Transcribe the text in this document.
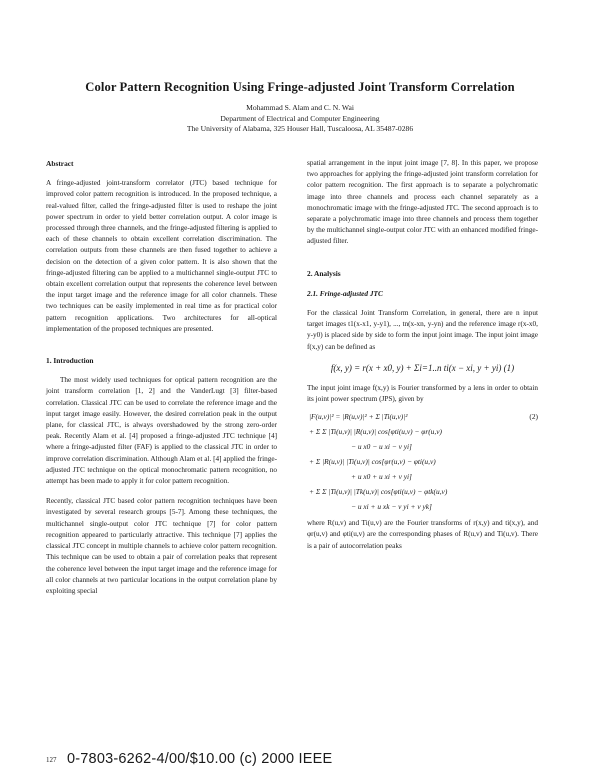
Color Pattern Recognition Using Fringe-adjusted Joint Transform Correlation
Mohammad S. Alam and C. N. Wai
Department of Electrical and Computer Engineering
The University of Alabama, 325 Houser Hall, Tuscaloosa, AL 35487-0286

Abstract

A fringe-adjusted joint-transform correlator (JTC) based technique for improved color pattern recognition is introduced. In the proposed technique, a real-valued filter, called the fringe-adjusted filter is used to reshape the joint power spectrum in order to yield better correlation output. A color image is processed through three channels, and the fringe-adjusted filtering is applied to each of these channels to obtain excellent correlation discrimination. The correlation outputs from these channels are then fused together to achieve a decision on the detection of a given color pattern. It is also shown that the fringe-adjusted filtering can be applied to a multichannel single-output JTC to obtain excellent correlation output that represents the coherence level between the input target image and the reference image for all color channels. These two techniques can be easily implemented in real time as for practical color pattern recognition applications. Two architectures for all-optical implementation of the proposed techniques are presented.

1. Introduction

The most widely used techniques for optical pattern recognition are the joint transform correlation [1, 2] and the VanderLugt [3] filter-based correlation. Classical JTC can be used to correlate the reference image and the input target image easily. However, the desired correlation peak in the output plane, for classical JTC, is always overshadowed by the strong zero-order peak. Recently Alam et al. [4] proposed a fringe-adjusted JTC technique [4] where a fringe-adjusted filter (FAF) is applied to the classical JTC in order to improve correlation discrimination. Although Alam et al. [4] applied the fringe-adjusted JTC technique on the optical monochromatic pattern recognition, no attempt has been made to apply it for color pattern recognition.

Recently, classical JTC based color pattern recognition techniques have been investigated by several research groups [5-7]. Among these techniques, the multichannel single-output color JTC technique [7] for color pattern recognition appeared to particularly attractive. This technique [7] applies the classical JTC concept in multiple channels to achieve color pattern recognition. This technique can be used to obtain a pair of correlation peaks that represent the coherence level between the input target image and the reference image for all color channels at two particular locations in the output correlation plane by exploiting special

spatial arrangement in the input joint image [7, 8]. In this paper, we propose two approaches for applying the fringe-adjusted joint transform correlation for color pattern recognition. The first approach is to separate a polychromatic image into three channels and process each channel separately as a monochromatic image with the fringe-adjusted JTC. The second approach is to separate a polychromatic image into three channels and process them together by the multichannel single-output color JTC with an enhanced modified fringe-adjusted filter.

2. Analysis

2.1. Fringe-adjusted JTC

For the classical Joint Transform Correlation, in general, there are n input target images t1(x-x1, y-y1), ..., tn(x-xn, y-yn) and the reference image r(x-x0, y-y0) is placed side by side to form the input joint image. The input joint image f(x,y) can be defined as

f(x, y) = r(x + x0, y) + Σi=1..n ti(x − xi, y + yi) (1)

The input joint image f(x,y) is Fourier transformed by a lens in order to obtain its joint power spectrum (JPS), given by

(2)
|F(u,v)|² = |R(u,v)|² + Σ |Ti(u,v)|²
+ Σ Σ |Ti(u,v)| |R(u,v)| cos[φti(u,v) − φr(u,v)
− u x0 − u xi − v yi]
+ Σ |R(u,v)| |Ti(u,v)| cos[φr(u,v) − φti(u,v)
+ u x0 + u xi + v yi]
+ Σ Σ |Ti(u,v)| |Tk(u,v)| cos[φti(u,v) − φtk(u,v)
− u xi + u xk − v yi + v yk]

where R(u,v) and Ti(u,v) are the Fourier transforms of r(x,y) and ti(x,y), and φr(u,v) and φti(u,v) are the corresponding phases of R(u,v) and Ti(u,v). There is a pair of autocorrelation peaks

127 0-7803-6262-4/00/$10.00 (c) 2000 IEEE
